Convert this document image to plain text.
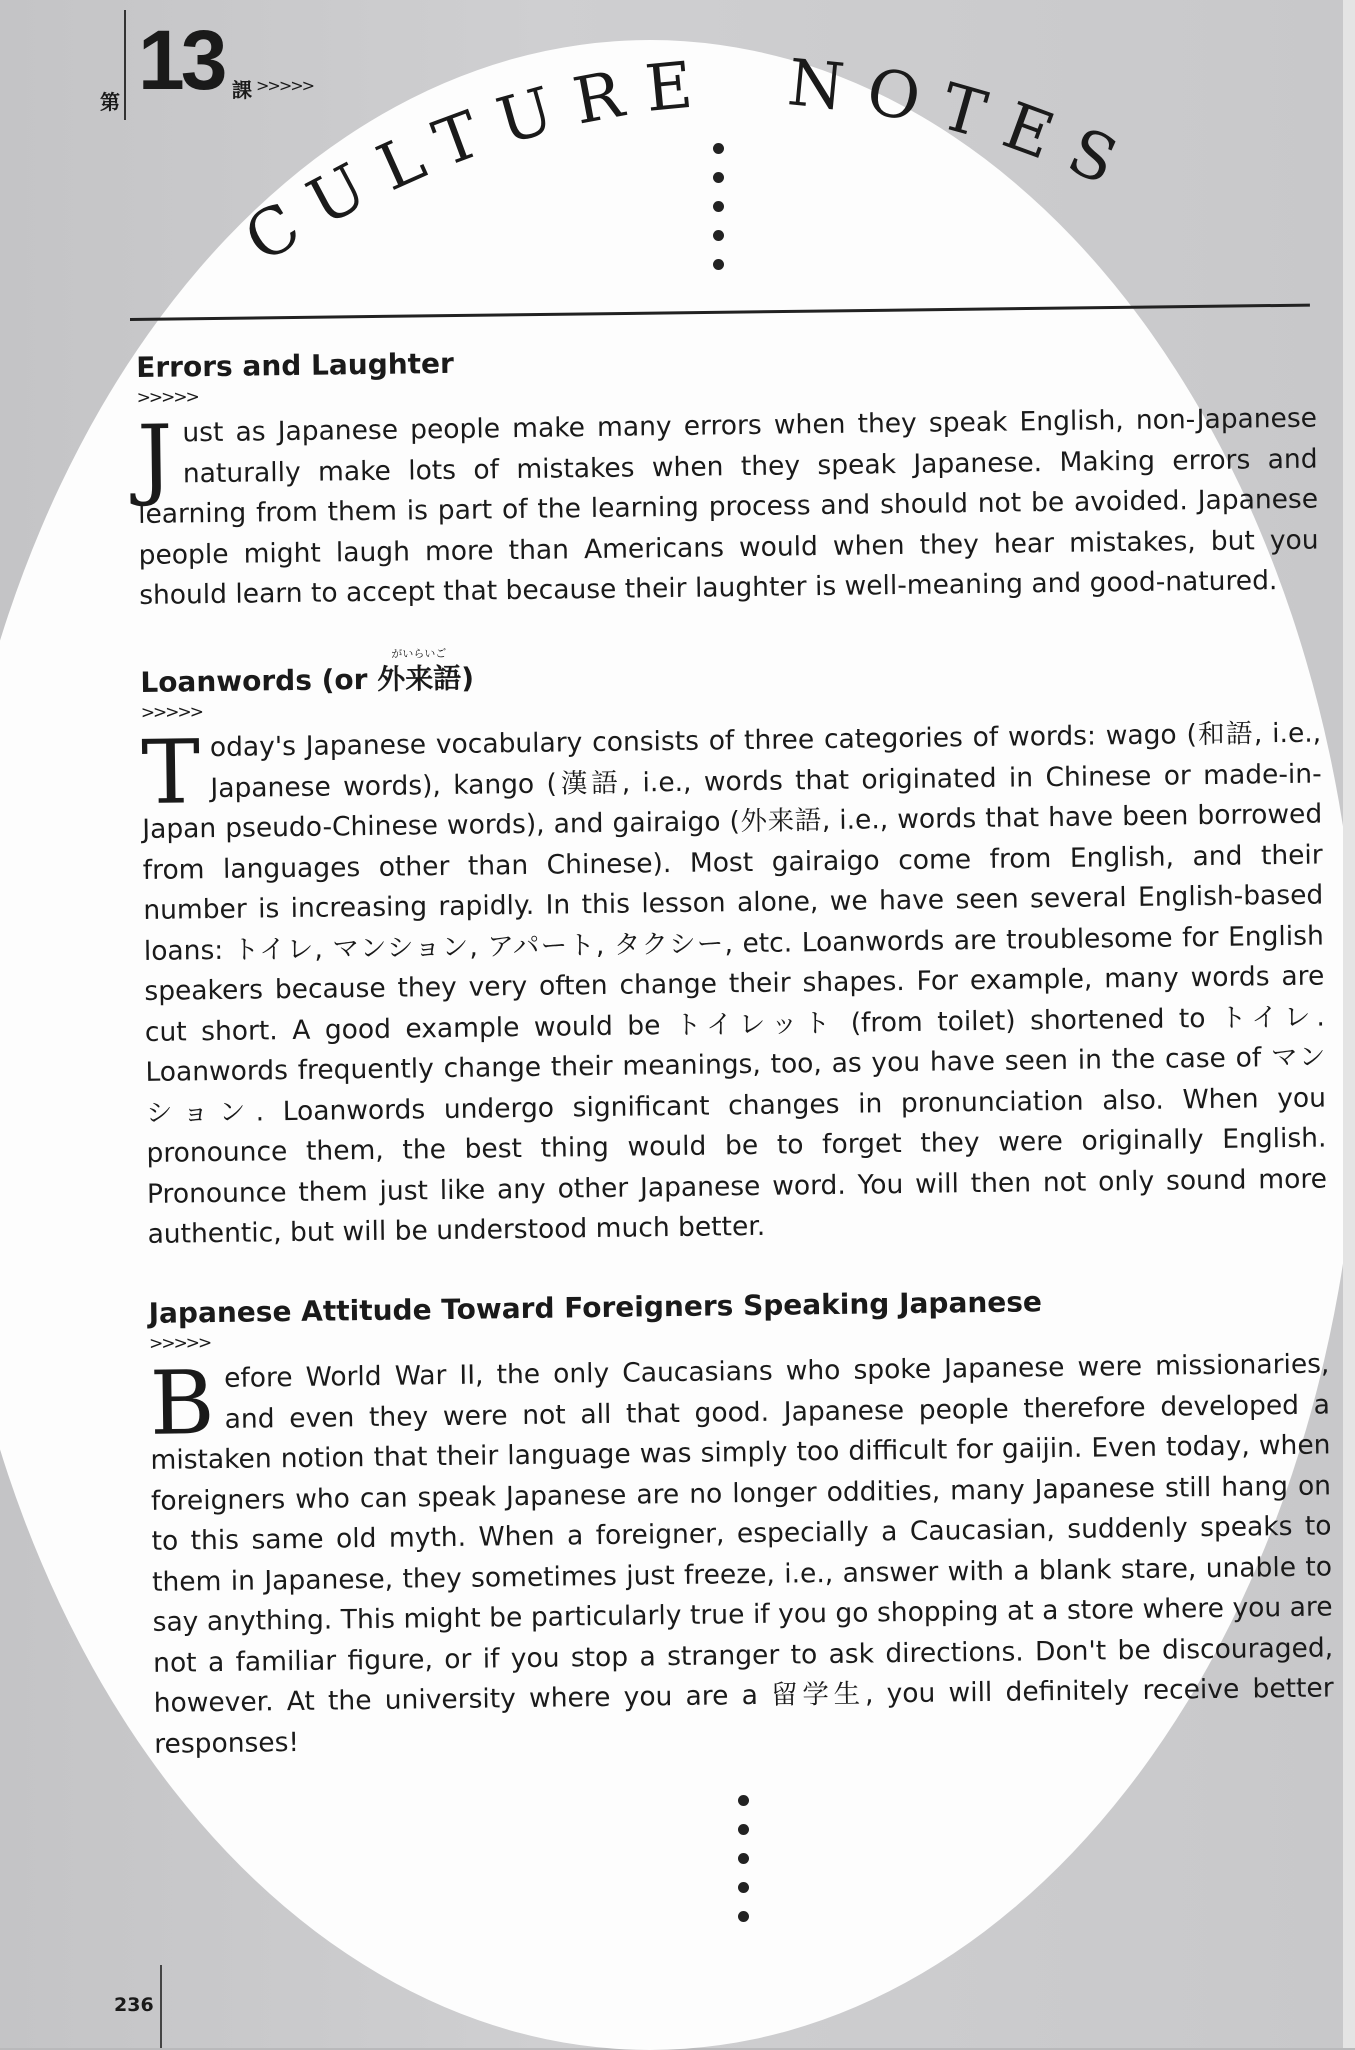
第 13 課 >>>>>
CULTURE NOTES
Errors and Laughter
>>>>>

Just as Japanese people make many errors when they speak English, non-Japanese naturally make lots of mistakes when they speak Japanese. Making errors and learning from them is part of the learning process and should not be avoided. Japanese people might laugh more than Americans would when they hear mistakes, but you should learn to accept that because their laughter is well-meaning and good-natured.

Loanwords (or
がいらいご
外来語)
>>>>>

Today's Japanese vocabulary consists of three categories of words: wago (和語, i.e., Japanese words), kango (漢語, i.e., words that originated in Chinese or made-in-Japan pseudo-Chinese words), and gairaigo (外来語, i.e., words that have been borrowed from languages other than Chinese). Most gairaigo come from English, and their number is increasing rapidly. In this lesson alone, we have seen several English-based loans: トイレ, マンション, アパート, タクシー, etc. Loanwords are troublesome for English speakers because they very often change their shapes. For example, many words are cut short. A good example would be トイレット (from toilet) shortened to トイレ. Loanwords frequently change their meanings, too, as you have seen in the case of マンション. Loanwords undergo significant changes in pronunciation also. When you pronounce them, the best thing would be to forget they were originally English. Pronounce them just like any other Japanese word. You will then not only sound more authentic, but will be understood much better.

Japanese Attitude Toward Foreigners Speaking Japanese
>>>>>

Before World War II, the only Caucasians who spoke Japanese were missionaries, and even they were not all that good. Japanese people therefore developed a mistaken notion that their language was simply too difficult for gaijin. Even today, when foreigners who can speak Japanese are no longer oddities, many Japanese still hang on to this same old myth. When a foreigner, especially a Caucasian, suddenly speaks to them in Japanese, they sometimes just freeze, i.e., answer with a blank stare, unable to say anything. This might be particularly true if you go shopping at a store where you are not a familiar figure, or if you stop a stranger to ask directions. Don't be discouraged, however. At the university where you are a 留学生, you will definitely receive better responses!

236
